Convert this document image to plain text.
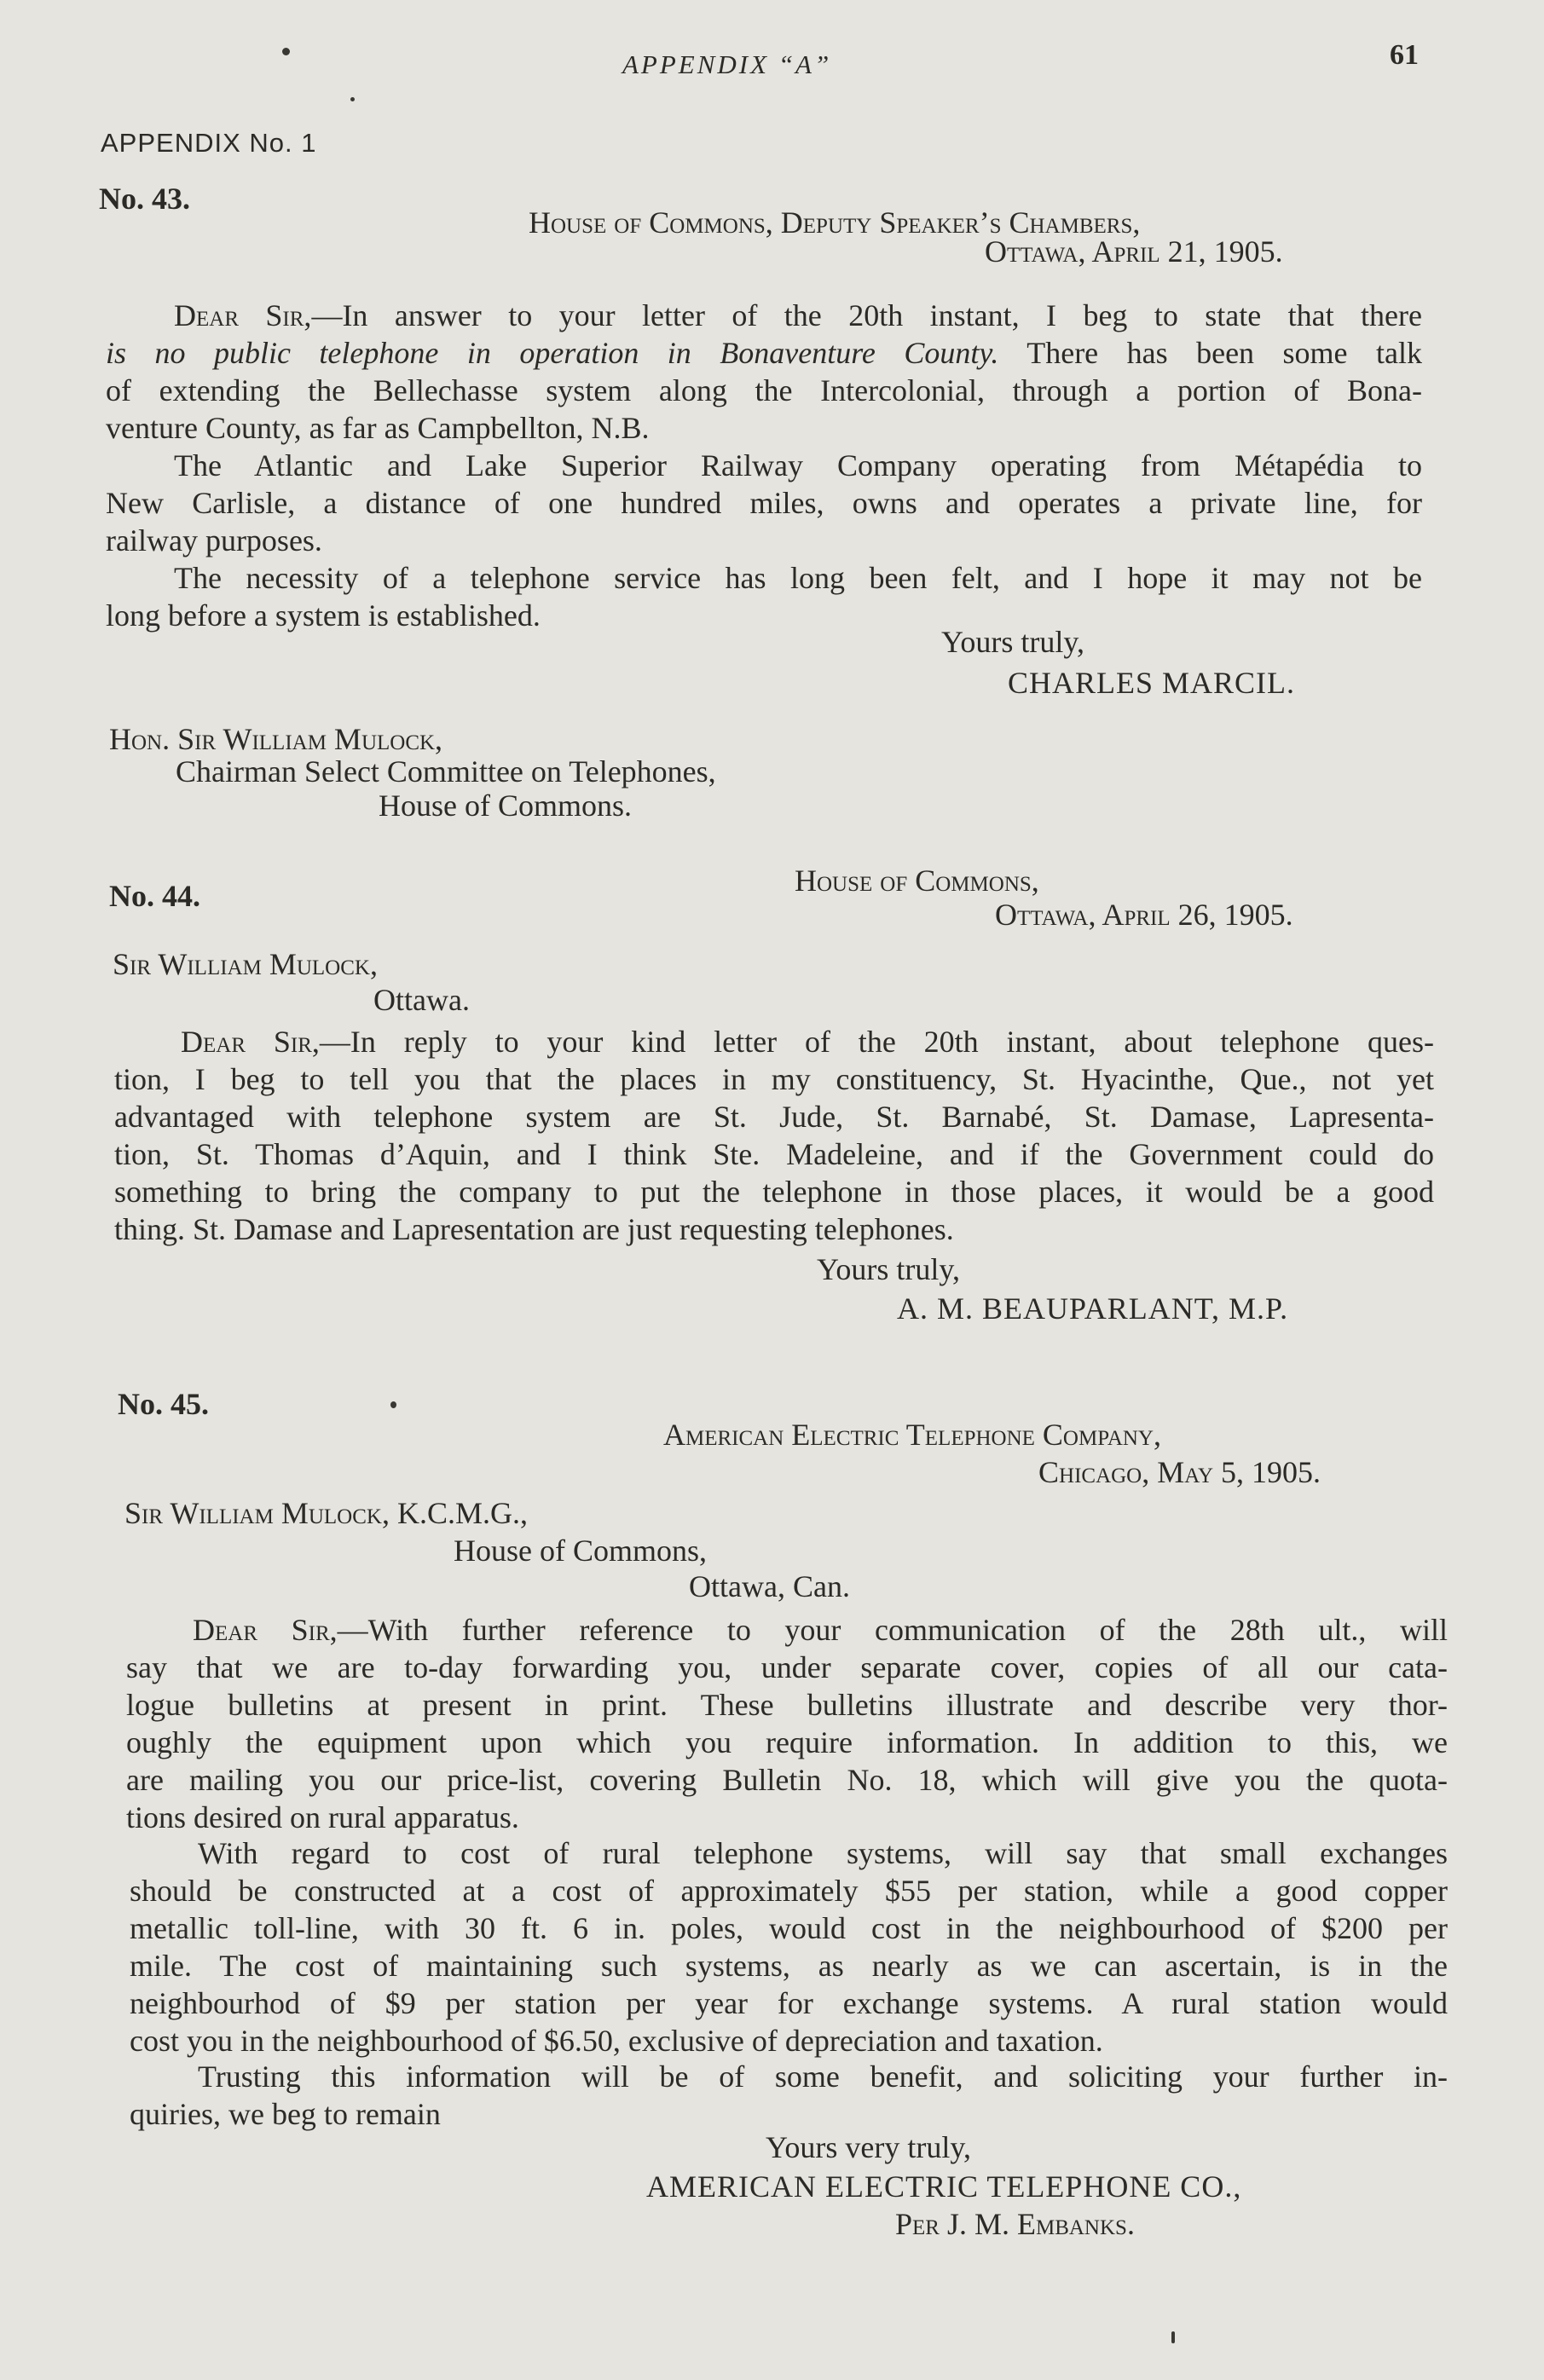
APPENDIX “A”	61
APPENDIX No. 1
No. 43.
House of Commons, Deputy Speaker’s Chambers,
Ottawa, April 21, 1905.
Dear Sir,—In answer to your letter of the 20th instant, I beg to state that there
is no public telephone in operation in Bonaventure County. There has been some talk
of extending the Bellechasse system along the Intercolonial, through a portion of Bona-
venture County, as far as Campbellton, N.B.
The Atlantic and Lake Superior Railway Company operating from Métapédia to
New Carlisle, a distance of one hundred miles, owns and operates a private line, for
railway purposes.
The necessity of a telephone service has long been felt, and I hope it may not be
long before a system is established.
Yours truly,
CHARLES MARCIL.
Hon. Sir William Mulock,
Chairman Select Committee on Telephones,
House of Commons.
No. 44.	House of Commons,
Ottawa, April 26, 1905.
Sir William Mulock,
Ottawa.
Dear Sir,—In reply to your kind letter of the 20th instant, about telephone ques-
tion, I beg to tell you that the places in my constituency, St. Hyacinthe, Que., not yet
advantaged with telephone system are St. Jude, St. Barnabé, St. Damase, Lapresenta-
tion, St. Thomas d’Aquin, and I think Ste. Madeleine, and if the Government could do
something to bring the company to put the telephone in those places, it would be a good
thing. St. Damase and Lapresentation are just requesting telephones.
Yours truly,
A. M. BEAUPARLANT, M.P.
No. 45.
American Electric Telephone Company,
Chicago, May 5, 1905.
Sir William Mulock, K.C.M.G.,
House of Commons,
Ottawa, Can.
Dear Sir,—With further reference to your communication of the 28th ult., will
say that we are to-day forwarding you, under separate cover, copies of all our cata-
logue bulletins at present in print. These bulletins illustrate and describe very thor-
oughly the equipment upon which you require information. In addition to this, we
are mailing you our price-list, covering Bulletin No. 18, which will give you the quota-
tions desired on rural apparatus.
With regard to cost of rural telephone systems, will say that small exchanges
should be constructed at a cost of approximately $55 per station, while a good copper
metallic toll-line, with 30 ft. 6 in. poles, would cost in the neighbourhood of $200 per
mile. The cost of maintaining such systems, as nearly as we can ascertain, is in the
neighbourhod of $9 per station per year for exchange systems. A rural station would
cost you in the neighbourhood of $6.50, exclusive of depreciation and taxation.
Trusting this information will be of some benefit, and soliciting your further in-
quiries, we beg to remain
Yours very truly,
AMERICAN ELECTRIC TELEPHONE CO.,
Per J. M. Embanks.
